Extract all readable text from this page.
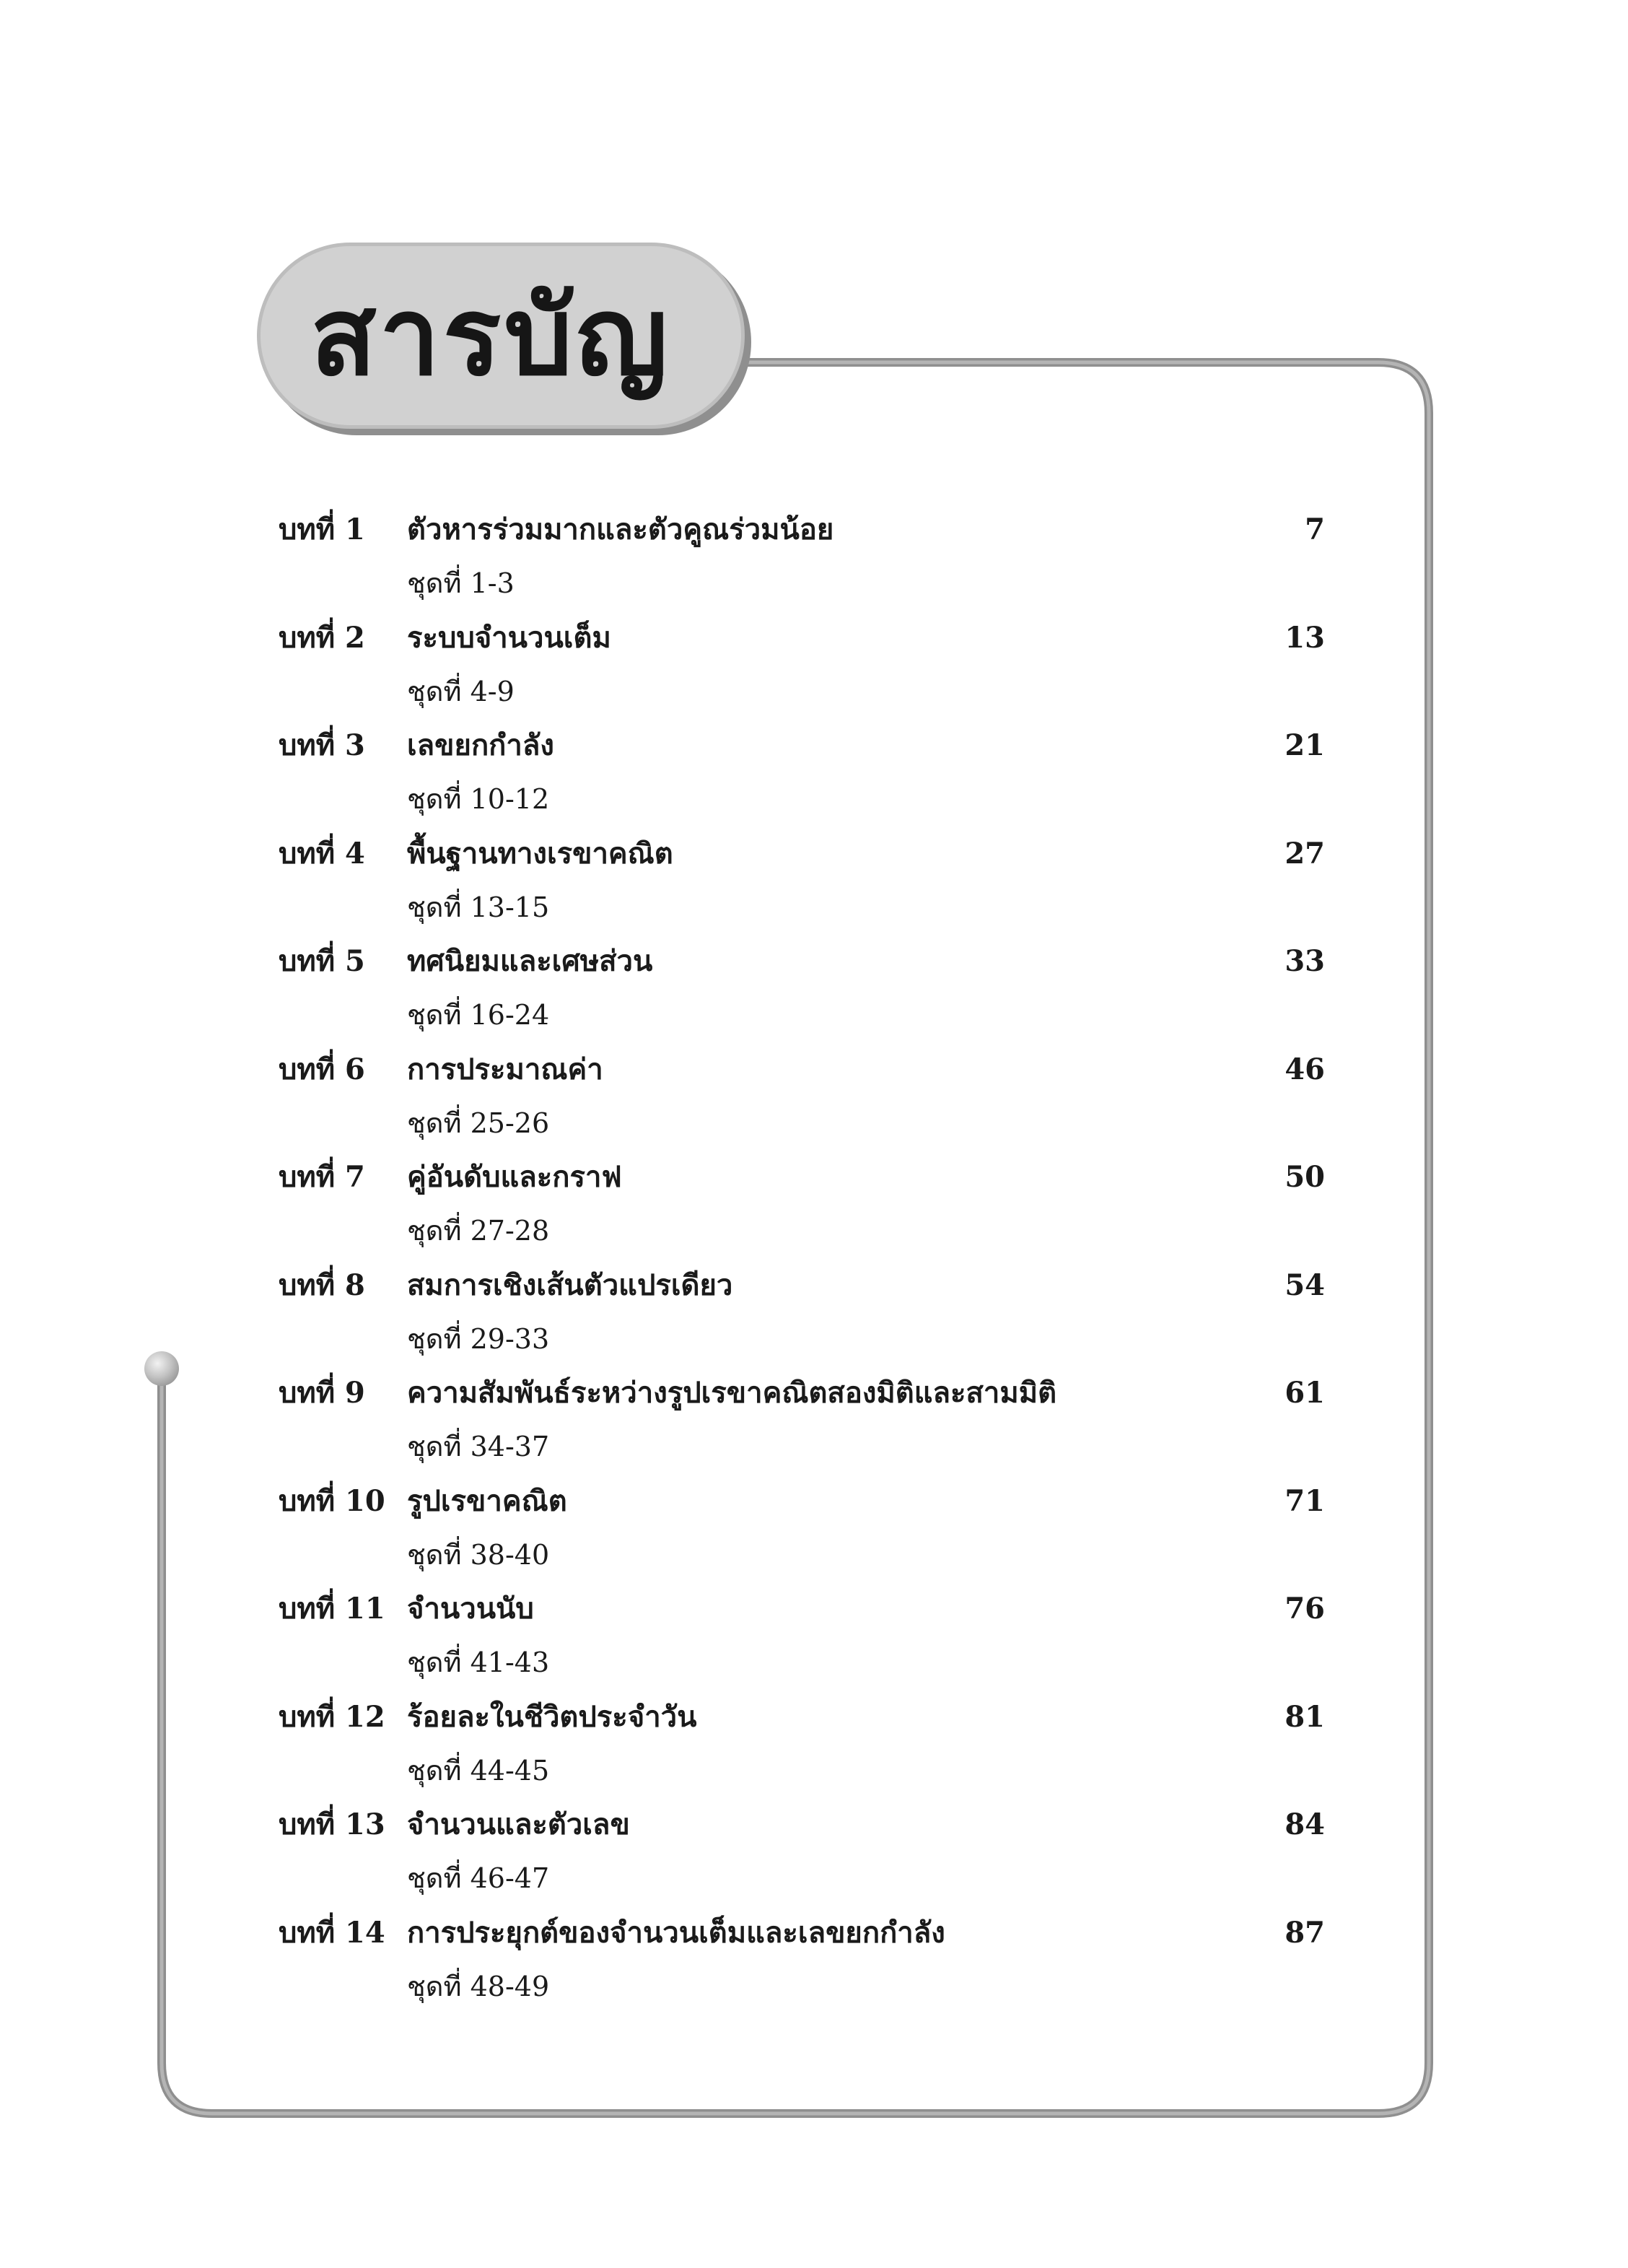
สารบัญ
บทที่ 1 ตัวหารร่วมมากและตัวคูณร่วมน้อย	7
ชุดที่ 1-3
บทที่ 2 ระบบจำนวนเต็ม	13
ชุดที่ 4-9
บทที่ 3 เลขยกกำลัง	21
ชุดที่ 10-12
บทที่ 4 พื้นฐานทางเรขาคณิต	27
ชุดที่ 13-15
บทที่ 5 ทศนิยมและเศษส่วน	33
ชุดที่ 16-24
บทที่ 6 การประมาณค่า	46
ชุดที่ 25-26
บทที่ 7 คู่อันดับและกราฟ	50
ชุดที่ 27-28
บทที่ 8 สมการเชิงเส้นตัวแปรเดียว	54
ชุดที่ 29-33
บทที่ 9 ความสัมพันธ์ระหว่างรูปเรขาคณิตสองมิติและสามมิติ	61
ชุดที่ 34-37
บทที่ 10 รูปเรขาคณิต	71
ชุดที่ 38-40
บทที่ 11 จำนวนนับ	76
ชุดที่ 41-43
บทที่ 12 ร้อยละในชีวิตประจำวัน	81
ชุดที่ 44-45
บทที่ 13 จำนวนและตัวเลข	84
ชุดที่ 46-47
บทที่ 14 การประยุกต์ของจำนวนเต็มและเลขยกกำลัง	87
ชุดที่ 48-49
